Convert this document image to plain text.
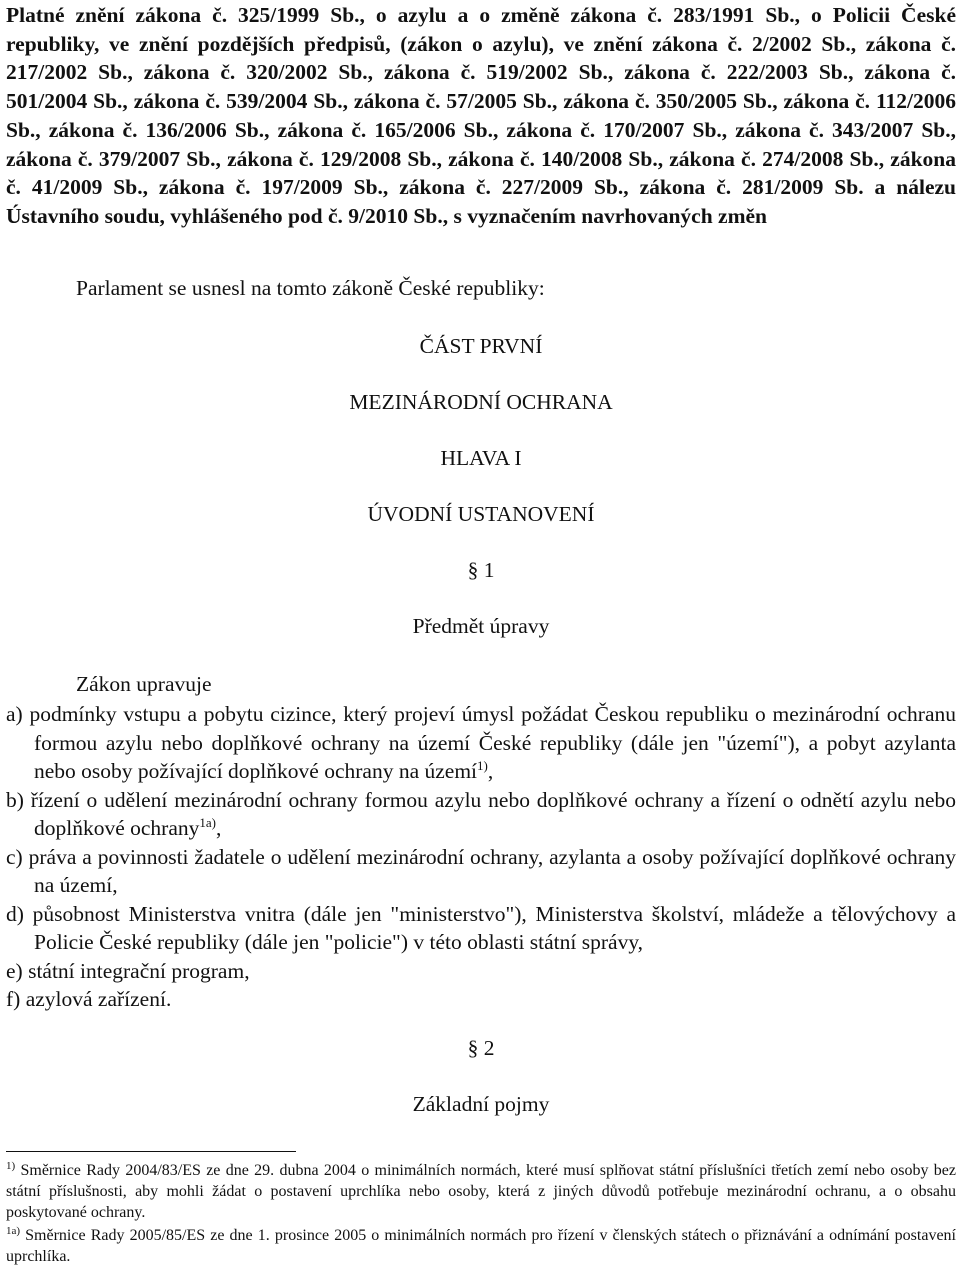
Platné znění zákona č. 325/1999 Sb., o azylu a o změně zákona č. 283/1991 Sb., o Policii České republiky, ve znění pozdějších předpisů, (zákon o azylu), ve znění zákona č. 2/2002 Sb., zákona č. 217/2002 Sb., zákona č. 320/2002 Sb., zákona č. 519/2002 Sb., zákona č. 222/2003 Sb., zákona č. 501/2004 Sb., zákona č. 539/2004 Sb., zákona č. 57/2005 Sb., zákona č. 350/2005 Sb., zákona č. 112/2006 Sb., zákona č. 136/2006 Sb., zákona č. 165/2006 Sb., zákona č. 170/2007 Sb., zákona č. 343/2007 Sb., zákona č. 379/2007 Sb., zákona č. 129/2008 Sb., zákona č. 140/2008 Sb., zákona č. 274/2008 Sb., zákona č. 41/2009 Sb., zákona č. 197/2009 Sb., zákona č. 227/2009 Sb., zákona č. 281/2009 Sb. a nálezu Ústavního soudu, vyhlášeného pod č. 9/2010 Sb., s vyznačením navrhovaných změn

Parlament se usnesl na tomto zákoně České republiky:

ČÁST PRVNÍ

MEZINÁRODNÍ OCHRANA

HLAVA I

ÚVODNÍ USTANOVENÍ

§ 1

Předmět úpravy

Zákon upravuje

a) podmínky vstupu a pobytu cizince, který projeví úmysl požádat Českou republiku o mezinárodní ochranu formou azylu nebo doplňkové ochrany na území České republiky (dále jen "území"), a pobyt azylanta nebo osoby požívající doplňkové ochrany na území$^{1)}$,
b) řízení o udělení mezinárodní ochrany formou azylu nebo doplňkové ochrany a řízení o odnětí azylu nebo doplňkové ochrany$^{1a)}$,
c) práva a povinnosti žadatele o udělení mezinárodní ochrany, azylanta a osoby požívající doplňkové ochrany na území,
d) působnost Ministerstva vnitra (dále jen "ministerstvo"), Ministerstva školství, mládeže a tělovýchovy a Policie České republiky (dále jen "policie") v této oblasti státní správy,
e) státní integrační program,
f) azylová zařízení.

§ 2

Základní pojmy

$^{1)}$ Směrnice Rady 2004/83/ES ze dne 29. dubna 2004 o minimálních normách, které musí splňovat státní příslušníci třetích zemí nebo osoby bez státní příslušnosti, aby mohli žádat o postavení uprchlíka nebo osoby, která z jiných důvodů potřebuje mezinárodní ochranu, a o obsahu poskytované ochrany.

$^{1a)}$ Směrnice Rady 2005/85/ES ze dne 1. prosince 2005 o minimálních normách pro řízení v členských státech o přiznávání a odnímání postavení uprchlíka.
